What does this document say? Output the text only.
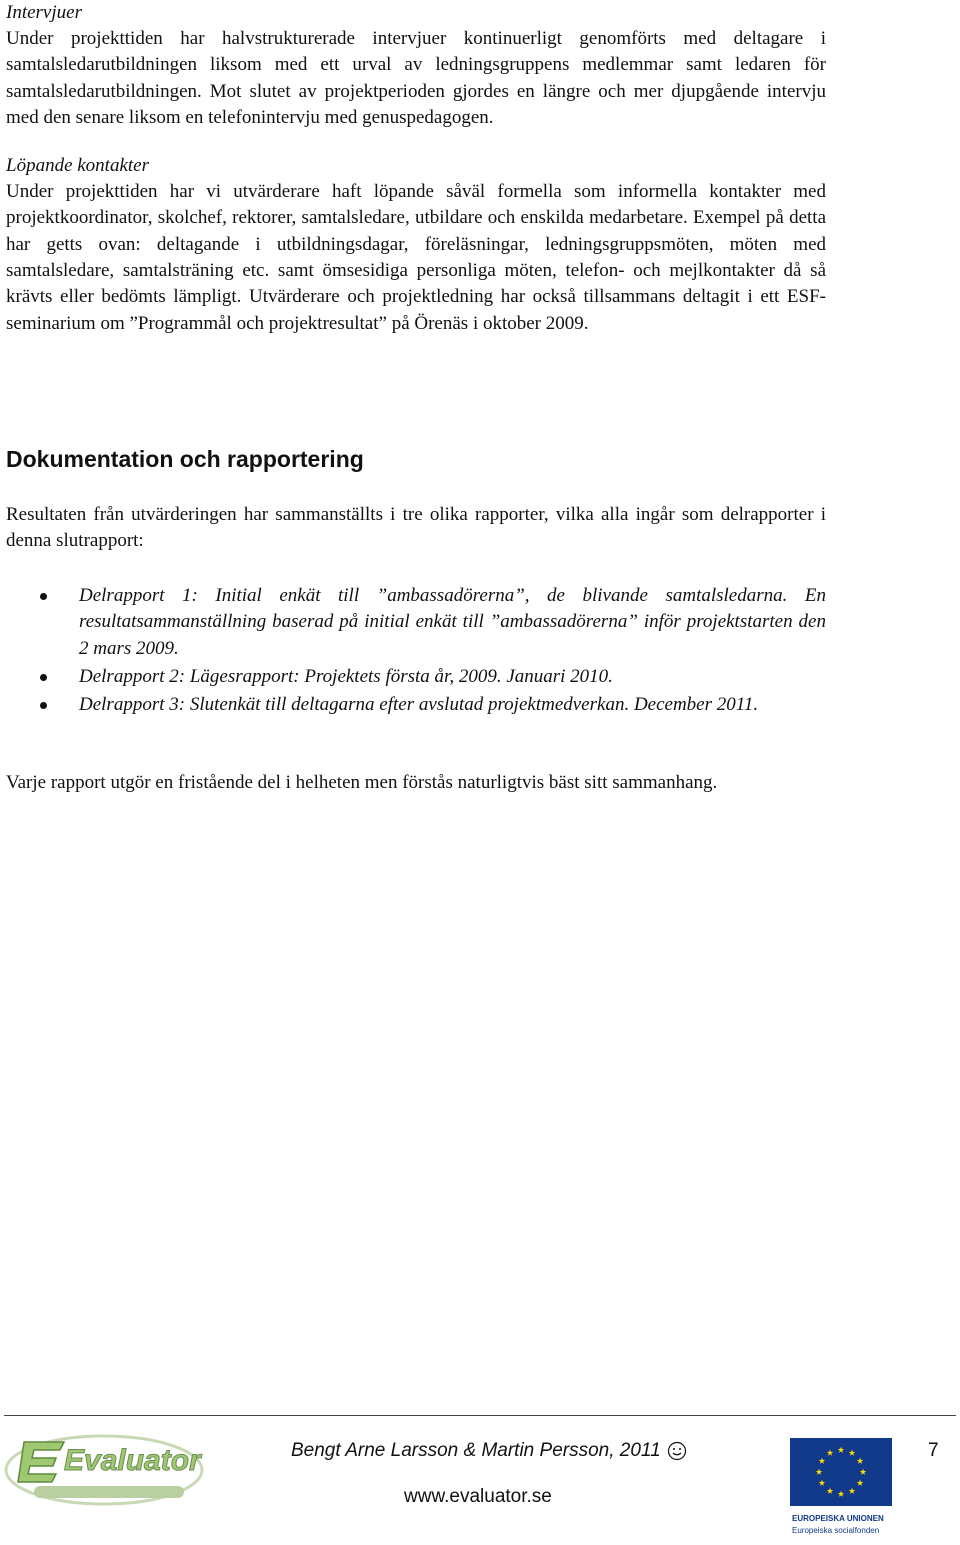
Intervjuer

Under projekttiden har halvstrukturerade intervjuer kontinuerligt genomförts med deltagare i samtalsledarutbildningen liksom med ett urval av ledningsgruppens medlemmar samt ledaren för samtalsledarutbildningen. Mot slutet av projektperioden gjordes en längre och mer djupgående intervju med den senare liksom en telefonintervju med genuspedagogen.

Löpande kontakter

Under projekttiden har vi utvärderare haft löpande såväl formella som informella kontakter med projektkoordinator, skolchef, rektorer, samtalsledare, utbildare och enskilda medarbetare. Exempel på detta har getts ovan: deltagande i utbildningsdagar, föreläsningar, ledningsgruppsmöten, möten med samtalsledare, samtalsträning etc. samt ömsesidiga personliga möten, telefon- och mejlkontakter då så krävts eller bedömts lämpligt. Utvärderare och projektledning har också tillsammans deltagit i ett ESF-seminarium om ”Programmål och projektresultat” på Örenäs i oktober 2009.

Dokumentation och rapportering

Resultaten från utvärderingen har sammanställts i tre olika rapporter, vilka alla ingår som delrapporter i denna slutrapport:

Delrapport 1: Initial enkät till ”ambassadörerna”, de blivande samtalsledarna. En resultatsammanställning baserad på initial enkät till ”ambassadörerna” inför projektstarten den 2 mars 2009.
Delrapport 2: Lägesrapport: Projektets första år, 2009. Januari 2010.
Delrapport 3: Slutenkät till deltagarna efter avslutad projektmedverkan. December 2011.

Varje rapport utgör en fristående del i helheten men förstås naturligtvis bäst sitt sammanhang.

Evaluator	Bengt Arne Larsson & Martin Persson, 2011
www.evaluator.se
7
EUROPEISKA UNIONEN
Europeiska socialfonden
